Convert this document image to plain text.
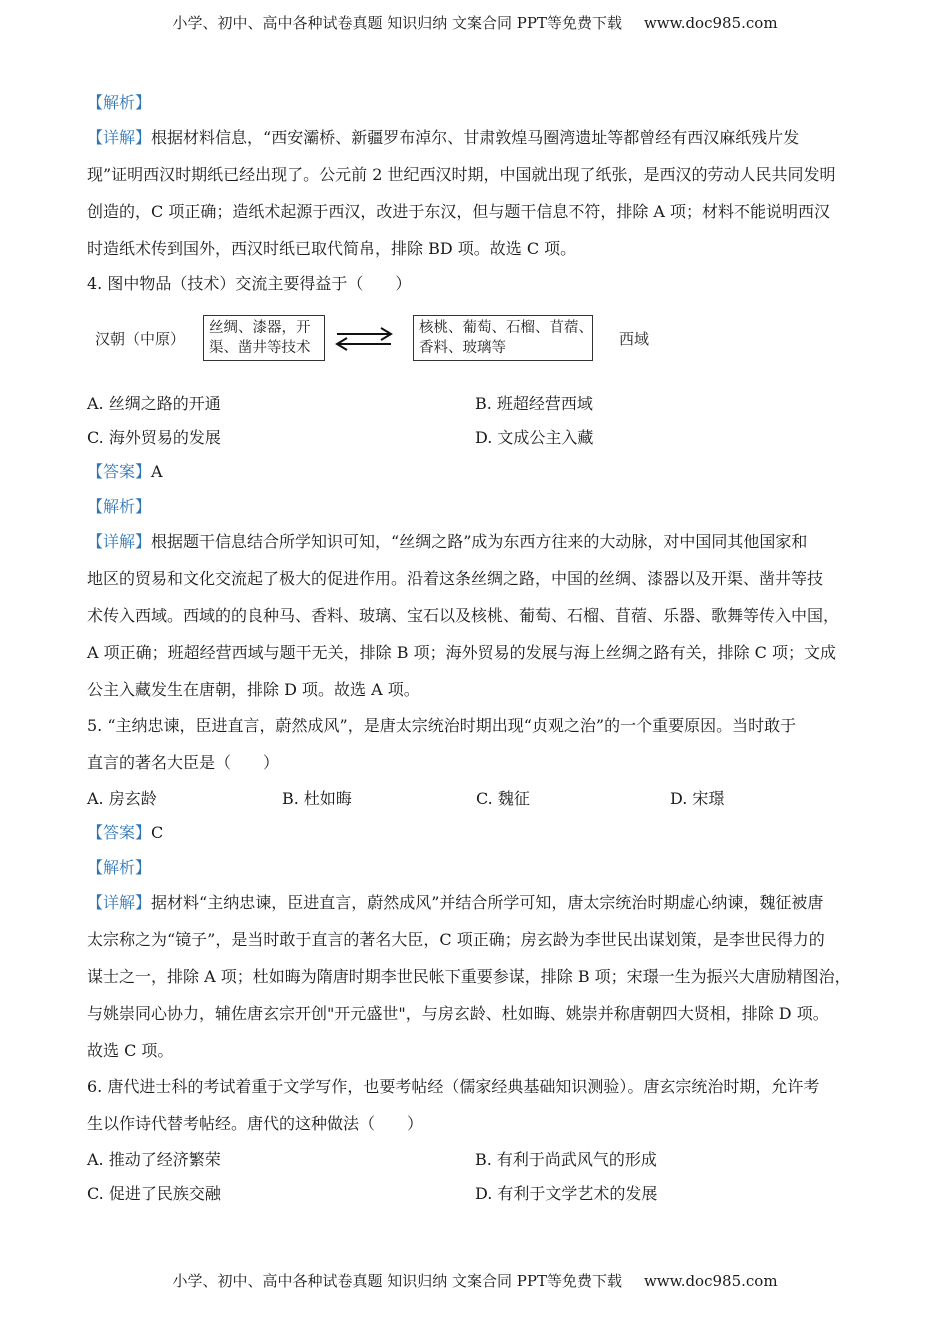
小学、初中、高中各种试卷真题 知识归纳 文案合同 PPT等免费下载 www.doc985.com
【解析】
【详解】根据材料信息，“西安灞桥、新疆罗布淖尔、甘肃敦煌马圈湾遗址等都曾经有西汉麻纸残片发
现”证明西汉时期纸已经出现了。公元前 2 世纪西汉时期，中国就出现了纸张，是西汉的劳动人民共同发明
创造的，C 项正确；造纸术起源于西汉，改进于东汉，但与题干信息不符，排除 A 项；材料不能说明西汉
时造纸术传到国外，西汉时纸已取代简帛，排除 BD 项。故选 C 项。
4. 图中物品（技术）交流主要得益于（　　）
汉朝（中原）
丝绸、漆器，开
渠、凿井等技术
核桃、葡萄、石榴、苜蓿、
香料、玻璃等	西域
A. 丝绸之路的开通	B. 班超经营西域
C. 海外贸易的发展	D. 文成公主入藏
【答案】A
【解析】
【详解】根据题干信息结合所学知识可知，“丝绸之路”成为东西方往来的大动脉，对中国同其他国家和
地区的贸易和文化交流起了极大的促进作用。沿着这条丝绸之路，中国的丝绸、漆器以及开渠、凿井等技
术传入西域。西域的的良种马、香料、玻璃、宝石以及核桃、葡萄、石榴、苜蓿、乐器、歌舞等传入中国，
A 项正确；班超经营西域与题干无关，排除 B 项；海外贸易的发展与海上丝绸之路有关，排除 C 项；文成
公主入藏发生在唐朝，排除 D 项。故选 A 项。
5. “主纳忠谏，臣进直言，蔚然成风”，是唐太宗统治时期出现“贞观之治”的一个重要原因。当时敢于
直言的著名大臣是（　　）
A. 房玄龄	B. 杜如晦	C. 魏征	D. 宋璟
【答案】C
【解析】
【详解】据材料“主纳忠谏，臣进直言，蔚然成风”并结合所学可知，唐太宗统治时期虚心纳谏，魏征被唐
太宗称之为“镜子”，是当时敢于直言的著名大臣，C 项正确；房玄龄为李世民出谋划策，是李世民得力的
谋士之一，排除 A 项；杜如晦为隋唐时期李世民帐下重要参谋，排除 B 项；宋璟一生为振兴大唐励精图治，
与姚崇同心协力，辅佐唐玄宗开创"开元盛世"，与房玄龄、杜如晦、姚崇并称唐朝四大贤相，排除 D 项。
故选 C 项。
6. 唐代进士科的考试着重于文学写作，也要考帖经（儒家经典基础知识测验）。唐玄宗统治时期，允许考
生以作诗代替考帖经。唐代的这种做法（　　）
A. 推动了经济繁荣	B. 有利于尚武风气的形成
C. 促进了民族交融	D. 有利于文学艺术的发展
小学、初中、高中各种试卷真题 知识归纳 文案合同 PPT等免费下载 www.doc985.com
